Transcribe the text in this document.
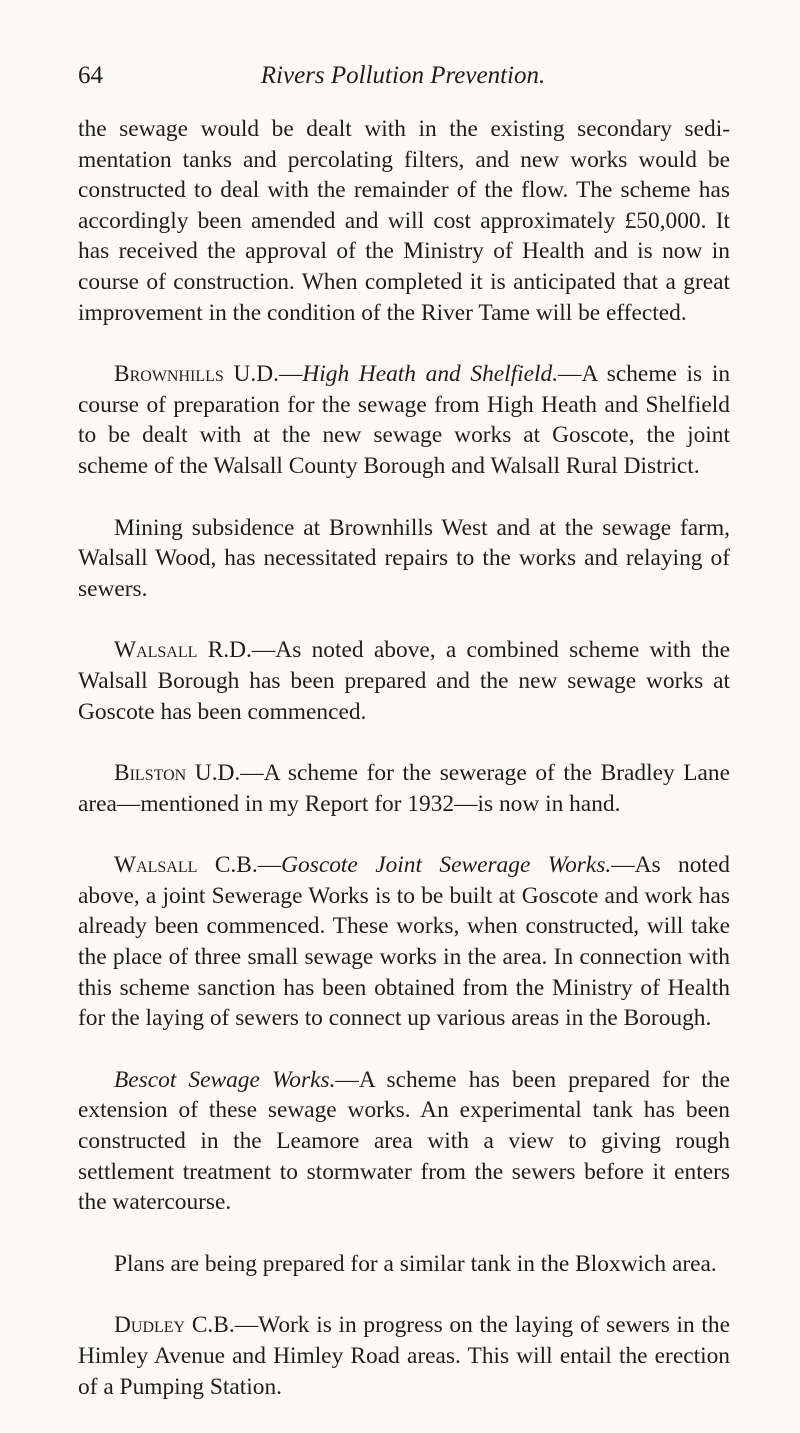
64	Rivers Pollution Prevention.

the sewage would be dealt with in the existing secondary sedi- mentation tanks and percolating filters, and new works would be constructed to deal with the remainder of the flow. The scheme has accordingly been amended and will cost approximately £50,000. It has received the approval of the Ministry of Health and is now in course of construction. When completed it is anticipated that a great improvement in the condition of the River Tame will be effected.

Brownhills U.D.—High Heath and Shelfield.—A scheme is in course of preparation for the sewage from High Heath and Shelfield to be dealt with at the new sewage works at Goscote, the joint scheme of the Walsall County Borough and Walsall Rural District.

Mining subsidence at Brownhills West and at the sewage farm, Walsall Wood, has necessitated repairs to the works and relaying of sewers.

Walsall R.D.—As noted above, a combined scheme with the Walsall Borough has been prepared and the new sewage works at Goscote has been commenced.

Bilston U.D.—A scheme for the sewerage of the Bradley Lane area—mentioned in my Report for 1932—is now in hand.

Walsall C.B.—Goscote Joint Sewerage Works.—As noted above, a joint Sewerage Works is to be built at Goscote and work has already been commenced. These works, when constructed, will take the place of three small sewage works in the area. In connection with this scheme sanction has been obtained from the Ministry of Health for the laying of sewers to connect up various areas in the Borough.

Bescot Sewage Works.—A scheme has been prepared for the extension of these sewage works. An experimental tank has been constructed in the Leamore area with a view to giving rough settlement treatment to stormwater from the sewers before it enters the watercourse.

Plans are being prepared for a similar tank in the Bloxwich area.

Dudley C.B.—Work is in progress on the laying of sewers in the Himley Avenue and Himley Road areas. This will entail the erection of a Pumping Station.
